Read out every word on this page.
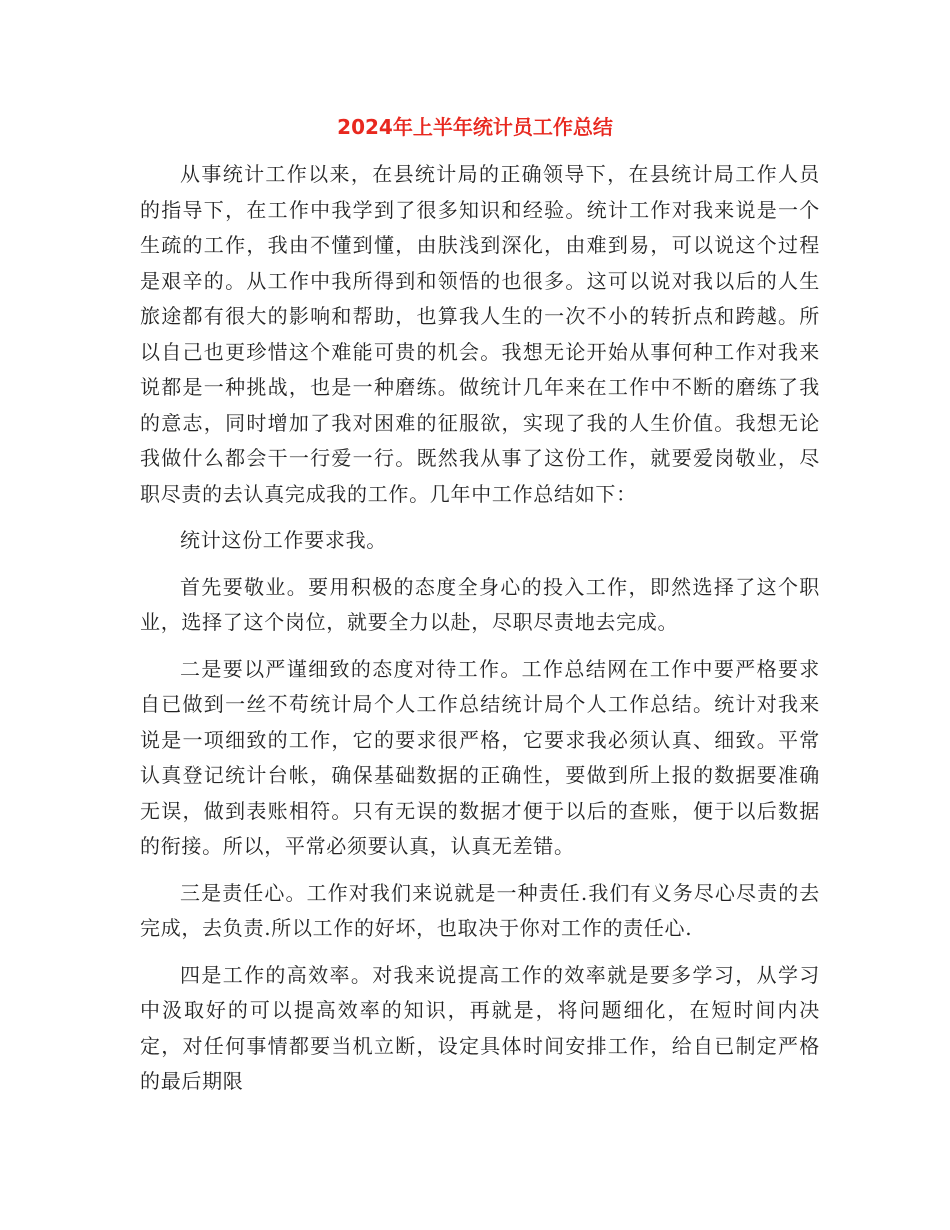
2024年上半年统计员工作总结

从事统计工作以来，在县统计局的正确领导下，在县统计局工作人员的指导下，在工作中我学到了很多知识和经验。统计工作对我来说是一个生疏的工作，我由不懂到懂，由肤浅到深化，由难到易，可以说这个过程是艰辛的。从工作中我所得到和领悟的也很多。这可以说对我以后的人生旅途都有很大的影响和帮助，也算我人生的一次不小的转折点和跨越。所以自己也更珍惜这个难能可贵的机会。我想无论开始从事何种工作对我来说都是一种挑战，也是一种磨练。做统计几年来在工作中不断的磨练了我的意志，同时增加了我对困难的征服欲，实现了我的人生价值。我想无论我做什么都会干一行爱一行。既然我从事了这份工作，就要爱岗敬业，尽职尽责的去认真完成我的工作。几年中工作总结如下：

统计这份工作要求我。

首先要敬业。要用积极的态度全身心的投入工作，即然选择了这个职业，选择了这个岗位，就要全力以赴，尽职尽责地去完成。

二是要以严谨细致的态度对待工作。工作总结网在工作中要严格要求自已做到一丝不苟统计局个人工作总结统计局个人工作总结。统计对我来说是一项细致的工作，它的要求很严格，它要求我必须认真、细致。平常认真登记统计台帐，确保基础数据的正确性，要做到所上报的数据要准确无误，做到表账相符。只有无误的数据才便于以后的查账，便于以后数据的衔接。所以，平常必须要认真，认真无差错。

三是责任心。工作对我们来说就是一种责任.我们有义务尽心尽责的去完成，去负责.所以工作的好坏，也取决于你对工作的责任心.

四是工作的高效率。对我来说提高工作的效率就是要多学习，从学习中汲取好的可以提高效率的知识，再就是，将问题细化，在短时间内决定，对任何事情都要当机立断，设定具体时间安排工作，给自已制定严格的最后期限
